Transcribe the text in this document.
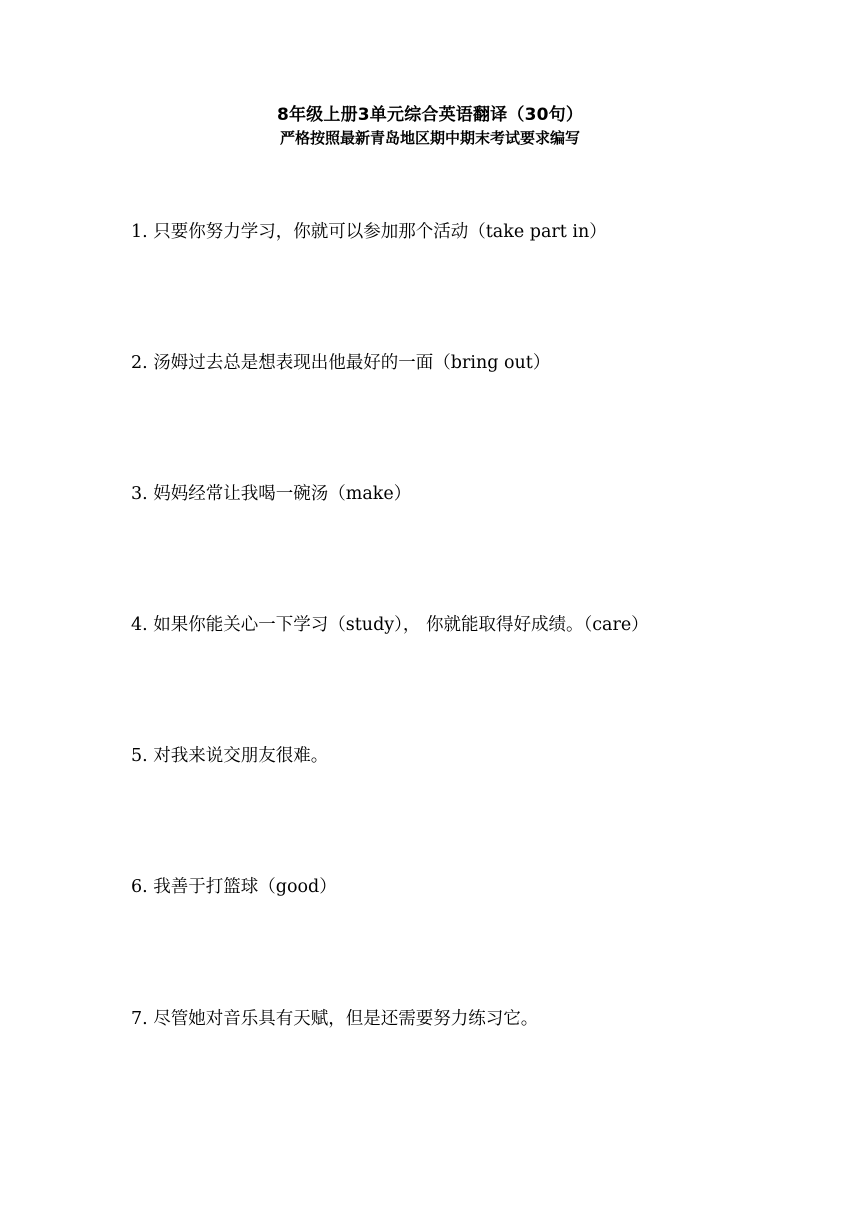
8年级上册3单元综合英语翻译（30句）
严格按照最新青岛地区期中期末考试要求编写
1. 只要你努力学习，你就可以参加那个活动（take part in）
2. 汤姆过去总是想表现出他最好的一面（bring out）
3. 妈妈经常让我喝一碗汤（make）
4. 如果你能关心一下学习（study）， 你就能取得好成绩。（care）
5. 对我来说交朋友很难。
6. 我善于打篮球（good）
7. 尽管她对音乐具有天赋，但是还需要努力练习它。
